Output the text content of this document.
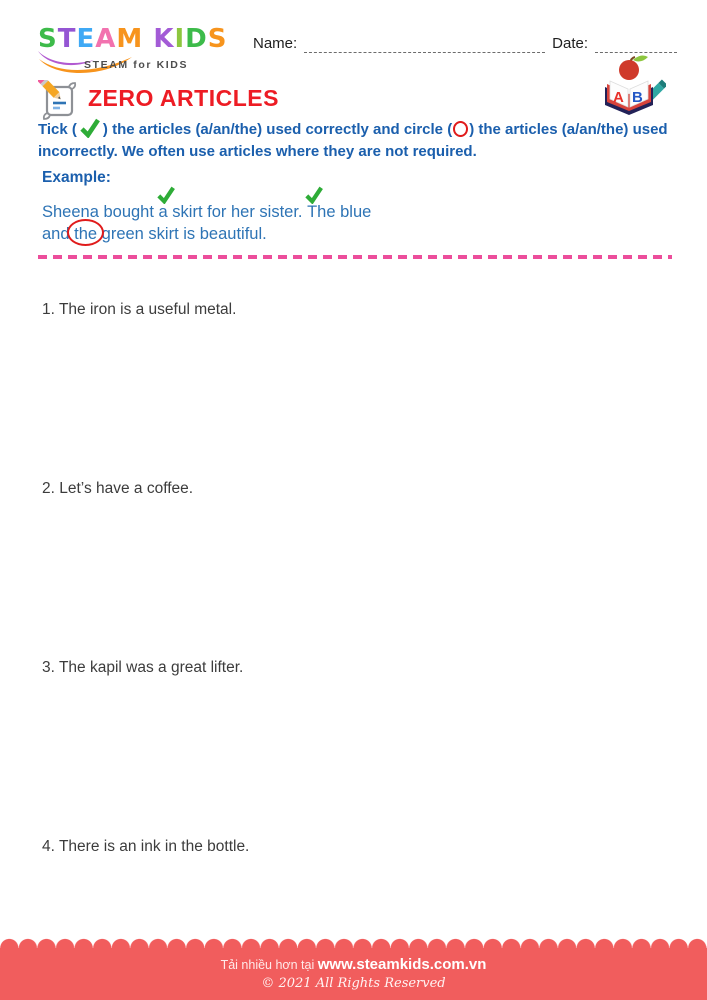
STEAM KIDS
STEAM for KIDS
Name:	Date:
ZERO ARTICLES	A B
Tick ( ) the articles (a/an/the) used correctly and circle ( ) the articles (a/an/the) used incorrectly. We often use articles where they are not required.
Example:
Sheena bought
a skirt for her sister.
The blue
and the green skirt is beautiful.
1. The iron is a useful metal.
2. Let’s have a coffee.
3. The kapil was a great lifter.
4. There is an ink in the bottle.
Tải nhiều hơn tại www.steamkids.com.vn
© 2021 All Rights Reserved
